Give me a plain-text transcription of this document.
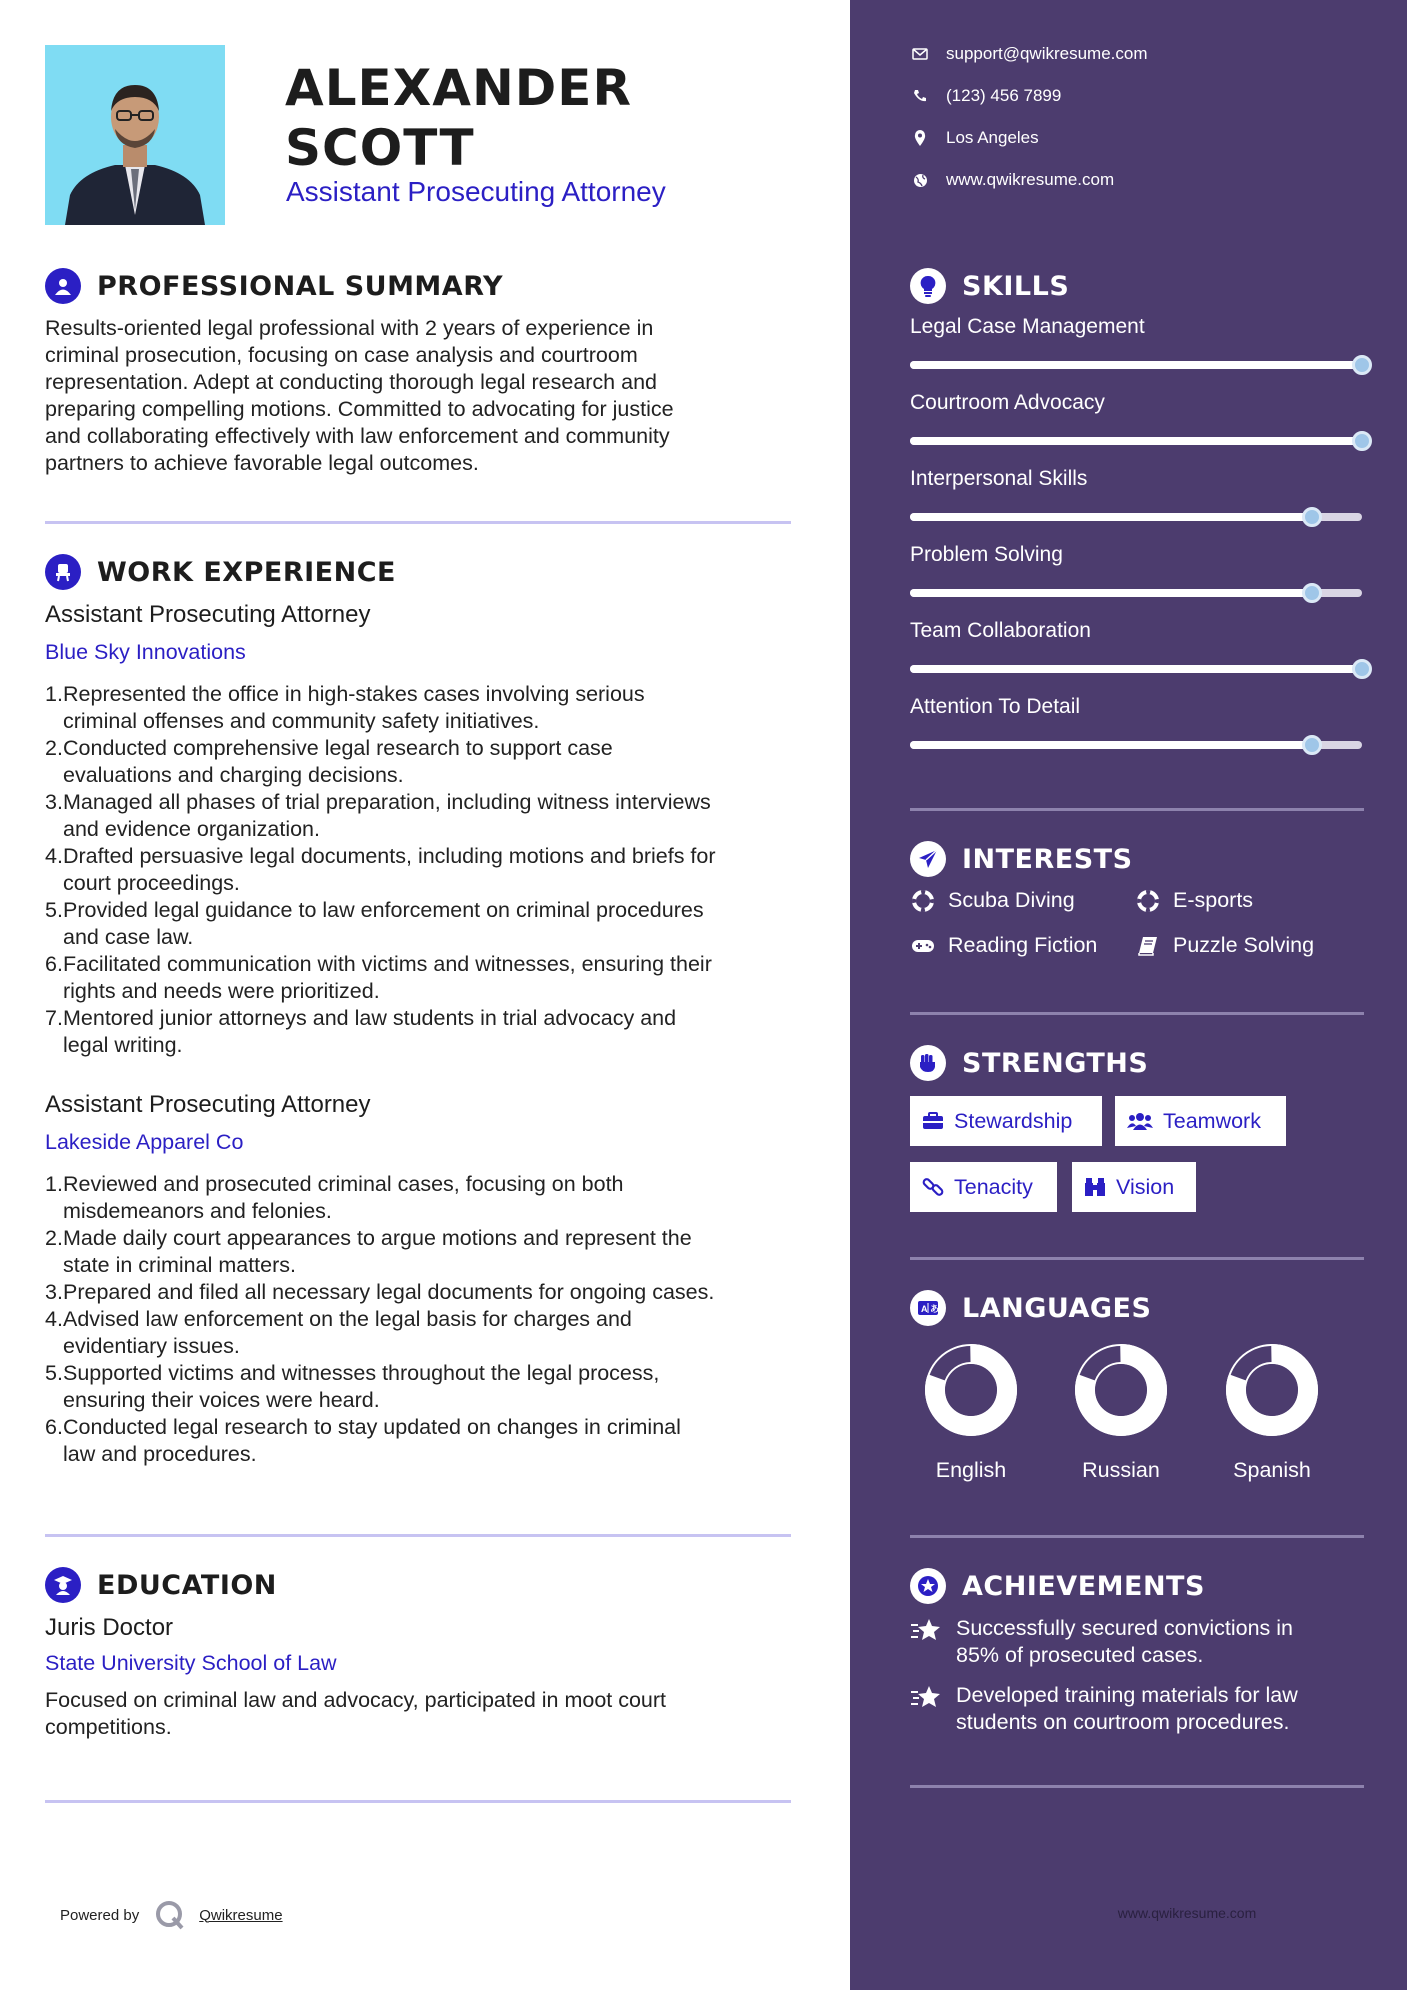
ALEXANDER
SCOTT
Assistant Prosecuting Attorney
PROFESSIONAL SUMMARY
Results-oriented legal professional with 2 years of experience in
criminal prosecution, focusing on case analysis and courtroom
representation. Adept at conducting thorough legal research and
preparing compelling motions. Committed to advocating for justice
and collaborating effectively with law enforcement and community
partners to achieve favorable legal outcomes.
WORK EXPERIENCE
Assistant Prosecuting Attorney
Blue Sky Innovations
1. Represented the office in high-stakes cases involving serious
criminal offenses and community safety initiatives.
2. Conducted comprehensive legal research to support case
evaluations and charging decisions.
3. Managed all phases of trial preparation, including witness interviews
and evidence organization.
4. Drafted persuasive legal documents, including motions and briefs for
court proceedings.
5. Provided legal guidance to law enforcement on criminal procedures
and case law.
6. Facilitated communication with victims and witnesses, ensuring their
rights and needs were prioritized.
7. Mentored junior attorneys and law students in trial advocacy and
legal writing.
Assistant Prosecuting Attorney
Lakeside Apparel Co
1. Reviewed and prosecuted criminal cases, focusing on both
misdemeanors and felonies.
2. Made daily court appearances to argue motions and represent the
state in criminal matters.
3. Prepared and filed all necessary legal documents for ongoing cases.
4. Advised law enforcement on the legal basis for charges and
evidentiary issues.
5. Supported victims and witnesses throughout the legal process,
ensuring their voices were heard.
6. Conducted legal research to stay updated on changes in criminal
law and procedures.
EDUCATION
Juris Doctor
State University School of Law
Focused on criminal law and advocacy, participated in moot court
competitions.
Powered by	Qwikresume
support@qwikresume.com
(123) 456 7899
Los Angeles
www.qwikresume.com
SKILLS
Legal Case Management
Courtroom Advocacy
Interpersonal Skills
Problem Solving
Team Collaboration
Attention To Detail
INTERESTS
Scuba Diving	E-sports
Reading Fiction	Puzzle Solving
STRENGTHS
Stewardship	Teamwork
Tenacity	Vision
A あ LANGUAGES
English	Russian	Spanish
ACHIEVEMENTS
Successfully secured convictions in
85% of prosecuted cases.
Developed training materials for law
students on courtroom procedures.
www.qwikresume.com
